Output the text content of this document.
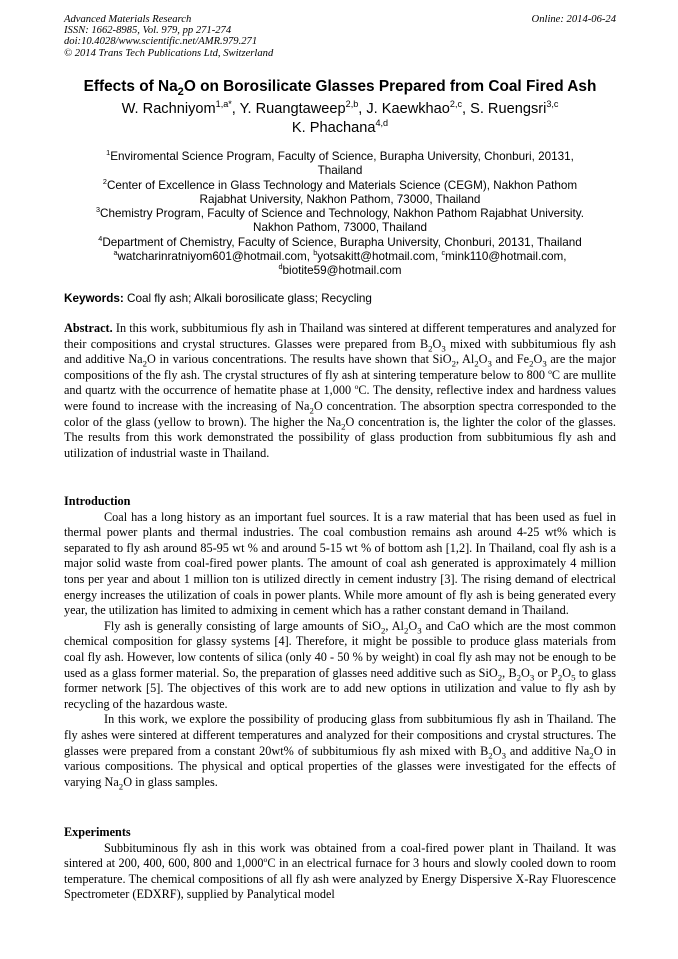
Advanced Materials Research
ISSN: 1662-8985, Vol. 979, pp 271-274
doi:10.4028/www.scientific.net/AMR.979.271
© 2014 Trans Tech Publications Ltd, Switzerland
Online: 2014-06-24
Effects of $Na_2O$ on Borosilicate Glasses Prepared from Coal Fired Ash
W. Rachniyom$^{1,a*}$, Y. Ruangtaweep$^{2,b}$, J. Kaewkhao$^{2,c}$, S. Ruengsri$^{3,c}$
K. Phachana$^{4,d}$
$^1$Enviromental Science Program, Faculty of Science, Burapha University, Chonburi, 20131,
Thailand
$^2$Center of Excellence in Glass Technology and Materials Science (CEGM), Nakhon Pathom
Rajabhat University, Nakhon Pathom, 73000, Thailand
$^3$Chemistry Program, Faculty of Science and Technology, Nakhon Pathom Rajabhat University.
Nakhon Pathom, 73000, Thailand
$^4$Department of Chemistry, Faculty of Science, Burapha University, Chonburi, 20131, Thailand
$^a$watcharinratniyom601@hotmail.com, $^b$yotsakitt@hotmail.com, $^c$mink110@hotmail.com,
$^d$biotite59@hotmail.com
Keywords: Coal fly ash; Alkali borosilicate glass; Recycling
Abstract. In this work, subbitumious fly ash in Thailand was sintered at different temperatures and analyzed for their compositions and crystal structures. Glasses were prepared from $B_2O_3$ mixed with subbitumious fly ash and additive $Na_2O$ in various concentrations. The results have shown that SiO$_2$, $Al_2O_3$ and $Fe_2O_3$ are the major compositions of the fly ash. The crystal structures of fly ash at sintering temperature below to 800 $^o$C are mullite and quartz with the occurrence of hematite phase at 1,000 $^o$C. The density, reflective index and hardness values were found to increase with the increasing of $Na_2O$ concentration. The absorption spectra corresponded to the color of the glass (yellow to brown). The higher the $Na_2O$ concentration is, the lighter the color of the glasses. The results from this work demonstrated the possibility of glass production from subbitumious fly ash and utilization of industrial waste in Thailand.
Introduction

Coal has a long history as an important fuel sources. It is a raw material that has been used as fuel in thermal power plants and thermal industries. The coal combustion remains ash around 4-25 wt% which is separated to fly ash around 85-95 wt % and around 5-15 wt % of bottom ash [1,2]. In Thailand, coal fly ash is a major solid waste from coal-fired power plants. The amount of coal ash generated is approximately 4 million tons per year and about 1 million ton is utilized directly in cement industry [3]. The rising demand of electrical energy increases the utilization of coals in power plants. While more amount of fly ash is being generated every year, the utilization has limited to admixing in cement which has a rather constant demand in Thailand.

Fly ash is generally consisting of large amounts of SiO$_2$, $Al_2O_3$ and CaO which are the most common chemical composition for glassy systems [4]. Therefore, it might be possible to produce glass materials from coal fly ash. However, low contents of silica (only 40 - 50 % by weight) in coal fly ash may not be enough to be used as a glass former material. So, the preparation of glasses need additive such as SiO$_2$, $B_2O_3$ or $P_2O_5$ to glass former network [5]. The objectives of this work are to add new options in utilization and value to fly ash by recycling of the hazardous waste.

In this work, we explore the possibility of producing glass from subbitumious fly ash in Thailand. The fly ashes were sintered at different temperatures and analyzed for their compositions and crystal structures. The glasses were prepared from a constant 20wt% of subbitumious fly ash mixed with $B_2O_3$ and additive $Na_2O$ in various compositions. The physical and optical properties of the glasses were investigated for the effects of varying $Na_2O$ in glass samples.

Experiments

Subbituminous fly ash in this work was obtained from a coal-fired power plant in Thailand. It was sintered at 200, 400, 600, 800 and 1,000$^o$C in an electrical furnace for 3 hours and slowly cooled down to room temperature. The chemical compositions of all fly ash were analyzed by Energy Dispersive X-Ray Fluorescence Spectrometer (EDXRF), supplied by Panalytical model
